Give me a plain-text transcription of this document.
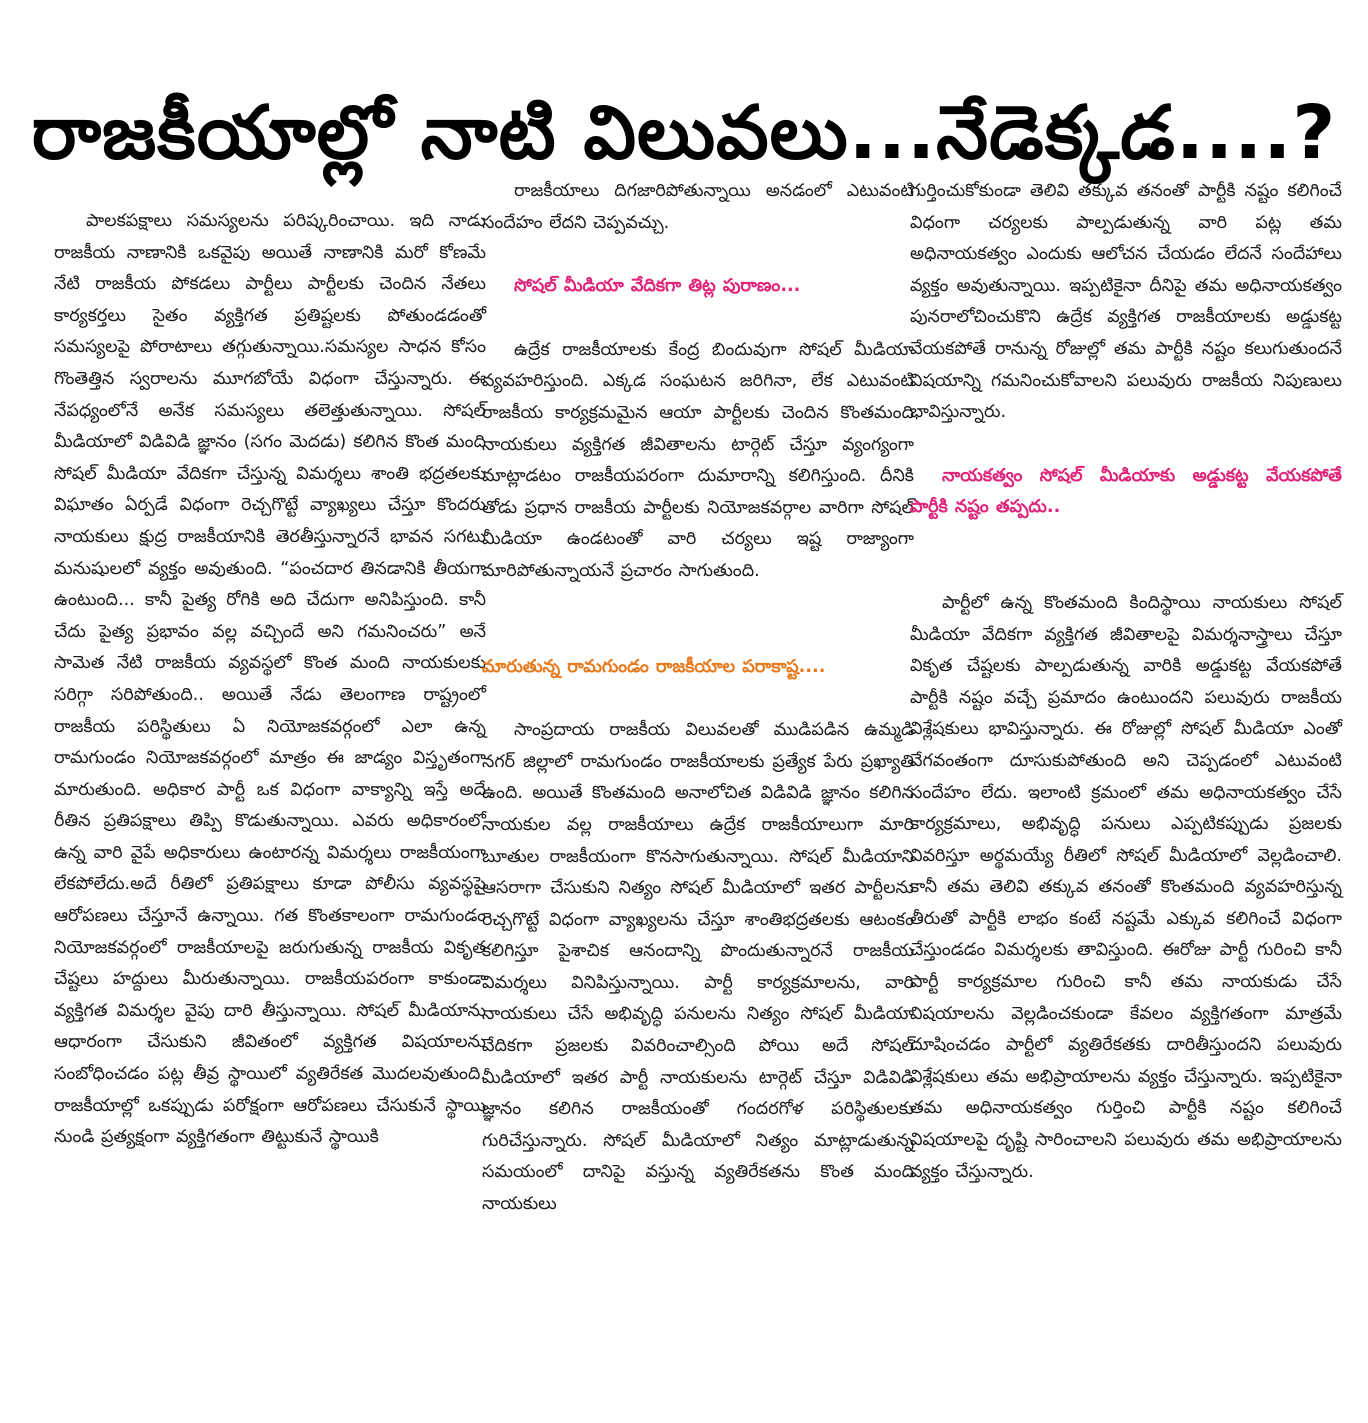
రాజకీయాల్లో నాటి విలువలు...నేడెక్కడ....?

పాలకపక్షాలు సమస్యలను పరిష్కరించాయి. ఇది నాడు రాజకీయ నాణానికి ఒకవైపు అయితే నాణానికి మరో కోణమే నేటి రాజకీయ పోకడలు పార్టీలు పార్టీలకు చెందిన నేతలు కార్యకర్తలు సైతం వ్యక్తిగత ప్రతిష్టలకు పోతుండడంతో సమస్యలపై పోరాటాలు తగ్గుతున్నాయి.సమస్యల సాధన కోసం గొంతెత్తిన స్వరాలను మూగబోయే విధంగా చేస్తున్నారు. ఈ నేపధ్యంలోనే అనేక సమస్యలు తలెత్తుతున్నాయి. సోషల్ మీడియాలో విడివిడి జ్ఞానం (సగం మెదడు) కలిగిన కొంత మంది సోషల్ మీడియా వేదికగా చేస్తున్న విమర్శలు శాంతి భద్రతలకు విఘాతం ఏర్పడే విధంగా రెచ్చగొట్టే వ్యాఖ్యలు చేస్తూ కొందరు నాయకులు క్షుద్ర రాజకీయానికి తెరతీస్తున్నారనే భావన సగటు మనుషులలో వ్యక్తం అవుతుంది. “పంచదార తినడానికి తీయగా ఉంటుంది... కానీ పైత్య రోగికి అది చేదుగా అనిపిస్తుంది. కానీ చేదు పైత్య ప్రభావం వల్ల వచ్చిందే అని గమనించరు” అనే సామెత నేటి రాజకీయ వ్యవస్థలో కొంత మంది నాయకులకు సరిగ్గా సరిపోతుంది.. అయితే నేడు తెలంగాణ రాష్ట్రంలో రాజకీయ పరిస్థితులు ఏ నియోజకవర్గంలో ఎలా ఉన్న రామగుండం నియోజకవర్గంలో మాత్రం ఈ జాడ్యం విస్తృతంగా మారుతుంది. అధికార పార్టీ ఒక విధంగా వాక్యాన్ని ఇస్తే అదే రీతిన ప్రతిపక్షాలు తిప్పి కొడుతున్నాయి. ఎవరు అధికారంలో ఉన్న వారి వైపే అధికారులు ఉంటారన్న విమర్శలు రాజకీయంగా లేకపోలేదు.అదే రీతిలో ప్రతిపక్షాలు కూడా పోలీసు వ్యవస్థపై ఆరోపణలు చేస్తూనే ఉన్నాయి. గత కొంతకాలంగా రామగుండం నియోజకవర్గంలో రాజకీయాలపై జరుగుతున్న రాజకీయ వికృత చేష్టలు హద్దులు మీరుతున్నాయి. రాజకీయపరంగా కాకుండా వ్యక్తిగత విమర్శల వైపు దారి తీస్తున్నాయి. సోషల్ మీడియాను ఆధారంగా చేసుకుని జీవితంలో వ్యక్తిగత విషయాలను సంబోధించడం పట్ల తీవ్ర స్థాయిలో వ్యతిరేకత మొదలవుతుంది. రాజకీయాల్లో ఒకప్పుడు పరోక్షంగా ఆరోపణలు చేసుకునే స్థాయి నుండి ప్రత్యక్షంగా వ్యక్తిగతంగా తిట్టుకునే స్థాయికి

రాజకీయాలు దిగజారిపోతున్నాయి అనడంలో ఎటువంటి సందేహం లేదని చెప్పవచ్చు.

సోషల్ మీడియా వేదికగా తిట్ల పురాణం...

ఉద్రేక రాజకీయాలకు కేంద్ర బిందువుగా సోషల్ మీడియా వ్యవహరిస్తుంది. ఎక్కడ సంఘటన జరిగినా, లేక ఎటువంటి రాజకీయ కార్యక్రమమైన ఆయా పార్టీలకు చెందిన కొంతమంది నాయకులు వ్యక్తిగత జీవితాలను టార్గెట్ చేస్తూ వ్యంగ్యంగా మాట్లాడటం రాజకీయపరంగా దుమారాన్ని కలిగిస్తుంది. దీనికి తోడు ప్రధాన రాజకీయ పార్టీలకు నియోజకవర్గాల వారిగా సోషల్ మీడియా ఉండటంతో వారి చర్యలు ఇష్ట రాజ్యాంగా మారిపోతున్నాయనే ప్రచారం సాగుతుంది.

మారుతున్న రామగుండం రాజకీయాల పరాకాష్ట....

సాంప్రదాయ రాజకీయ విలువలతో ముడిపడిన ఉమ్మడి నగర్ జిల్లాలో రామగుండం రాజకీయాలకు ప్రత్యేక పేరు ప్రఖ్యాతి ఉంది. అయితే కొంతమంది అనాలోచిత విడివిడి జ్ఞానం కలిగిన నాయకుల వల్ల రాజకీయాలు ఉద్రేక రాజకీయాలుగా మారి బూతుల రాజకీయంగా కొనసాగుతున్నాయి. సోషల్ మీడియాని ఆసరాగా చేసుకుని నిత్యం సోషల్ మీడియాలో ఇతర పార్టీలను రెచ్చగొట్టే విధంగా వ్యాఖ్యలను చేస్తూ శాంతిభద్రతలకు ఆటంకం కలిగిస్తూ పైశాచిక ఆనందాన్ని పొందుతున్నారనే రాజకీయ విమర్శలు వినిపిస్తున్నాయి. పార్టీ కార్యక్రమాలను, వారి నాయకులు చేసే అభివృద్ధి పనులను నిత్యం సోషల్ మీడియా వేదికగా ప్రజలకు వివరించాల్సింది పోయి అదే సోషల్ మీడియాలో ఇతర పార్టీ నాయకులను టార్గెట్ చేస్తూ విడివిడి జ్ఞానం కలిగిన రాజకీయంతో గందరగోళ పరిస్థితులకు గురిచేస్తున్నారు. సోషల్ మీడియాలో నిత్యం మాట్లాడుతున్న సమయంలో దానిపై వస్తున్న వ్యతిరేకతను కొంత మంది నాయకులు

గుర్తించుకోకుండా తెలివి తక్కువ తనంతో పార్టీకి నష్టం కలిగించే విధంగా చర్యలకు పాల్పడుతున్న వారి పట్ల తమ అధినాయకత్వం ఎందుకు ఆలోచన చేయడం లేదనే సందేహాలు వ్యక్తం అవుతున్నాయి. ఇప్పటికైనా దీనిపై తమ అధినాయకత్వం పునరాలోచించుకొని ఉద్రేక వ్యక్తిగత రాజకీయాలకు అడ్డుకట్ట వేయకపోతే రానున్న రోజుల్లో తమ పార్టీకి నష్టం కలుగుతుందనే విషయాన్ని గమనించుకోవాలని పలువురు రాజకీయ నిపుణులు భావిస్తున్నారు.

నాయకత్వం సోషల్ మీడియాకు అడ్డుకట్ట వేయకపోతే పార్టీకి నష్టం తప్పదు..

పార్టీలో ఉన్న కొంతమంది కిందిస్థాయి నాయకులు సోషల్ మీడియా వేదికగా వ్యక్తిగత జీవితాలపై విమర్శనాస్త్రాలు చేస్తూ వికృత చేష్టలకు పాల్పడుతున్న వారికి అడ్డుకట్ట వేయకపోతే పార్టీకి నష్టం వచ్చే ప్రమాదం ఉంటుందని పలువురు రాజకీయ విశ్లేషకులు భావిస్తున్నారు. ఈ రోజుల్లో సోషల్ మీడియా ఎంతో వేగవంతంగా దూసుకుపోతుంది అని చెప్పడంలో ఎటువంటి సందేహం లేదు. ఇలాంటి క్రమంలో తమ అధినాయకత్వం చేసే కార్యక్రమాలు, అభివృద్ధి పనులు ఎప్పటికప్పుడు ప్రజలకు వివరిస్తూ అర్థమయ్యే రీతిలో సోషల్ మీడియాలో వెల్లడించాలి. కానీ తమ తెలివి తక్కువ తనంతో కొంతమంది వ్యవహరిస్తున్న తీరుతో పార్టీకి లాభం కంటే నష్టమే ఎక్కువ కలిగించే విధంగా చేస్తుండడం విమర్శలకు తావిస్తుంది. ఈరోజు పార్టీ గురించి కానీ పార్టీ కార్యక్రమాల గురించి కానీ తమ నాయకుడు చేసే విషయాలను వెల్లడించకుండా కేవలం వ్యక్తిగతంగా మాత్రమే దూషించడం పార్టీలో వ్యతిరేకతకు దారితీస్తుందని పలువురు విశ్లేషకులు తమ అభిప్రాయాలను వ్యక్తం చేస్తున్నారు. ఇప్పటికైనా తమ అధినాయకత్వం గుర్తించి పార్టీకి నష్టం కలిగించే విషయాలపై దృష్టి సారించాలని పలువురు తమ అభిప్రాయాలను వ్యక్తం చేస్తున్నారు.
